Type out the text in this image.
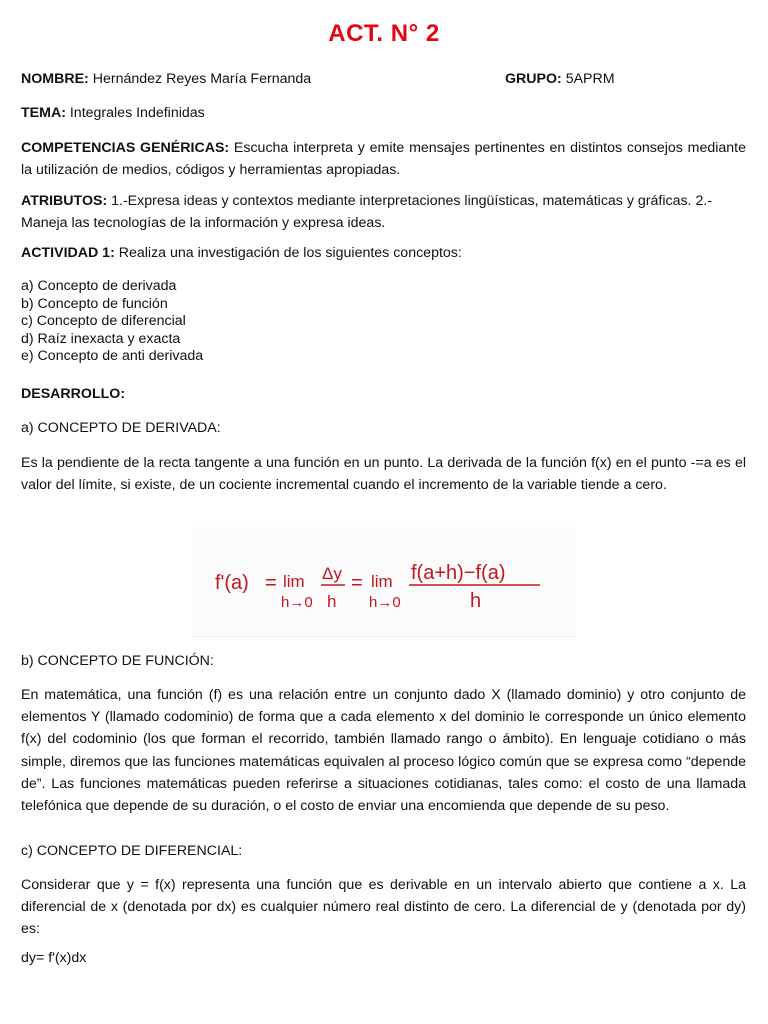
ACT. N° 2
NOMBRE: Hernández Reyes María Fernanda	GRUPO: 5APRM
TEMA: Integrales Indefinidas
COMPETENCIAS GENÉRICAS: Escucha interpreta y emite mensajes pertinentes en distintos consejos mediante la utilización de medios, códigos y herramientas apropiadas.
ATRIBUTOS: 1.-Expresa ideas y contextos mediante interpretaciones lingüísticas, matemáticas y gráficas. 2.-Maneja las tecnologías de la información y expresa ideas.
ACTIVIDAD 1: Realiza una investigación de los siguientes conceptos:
a) Concepto de derivada
b) Concepto de función
c) Concepto de diferencial
d) Raíz inexacta y exacta
e) Concepto de anti derivada
DESARROLLO:
a) CONCEPTO DE DERIVADA:
Es la pendiente de la recta tangente a una función en un punto. La derivada de la función f(x) en el punto -=a es el valor del límite, si existe, de un cociente incremental cuando el incremento de la variable tiende a cero.
b) CONCEPTO DE FUNCIÓN:
En matemática, una función (f) es una relación entre un conjunto dado X (llamado dominio) y otro conjunto de elementos Y (llamado codominio) de forma que a cada elemento x del dominio le corresponde un único elemento f(x) del codominio (los que forman el recorrido, también llamado rango o ámbito). En lenguaje cotidiano o más simple, diremos que las funciones matemáticas equivalen al proceso lógico común que se expresa como “depende de”. Las funciones matemáticas pueden referirse a situaciones cotidianas, tales como: el costo de una llamada telefónica que depende de su duración, o el costo de enviar una encomienda que depende de su peso.
c) CONCEPTO DE DIFERENCIAL:
Considerar que y = f(x) representa una función que es derivable en un intervalo abierto que contiene a x. La diferencial de x (denotada por dx) es cualquier número real distinto de cero. La diferencial de y (denotada por dy) es:
dy= f'(x)dx
f'(a) = lim
h→0
Δy
h
= lim
h→0
f(a+h)−f(a)
h
